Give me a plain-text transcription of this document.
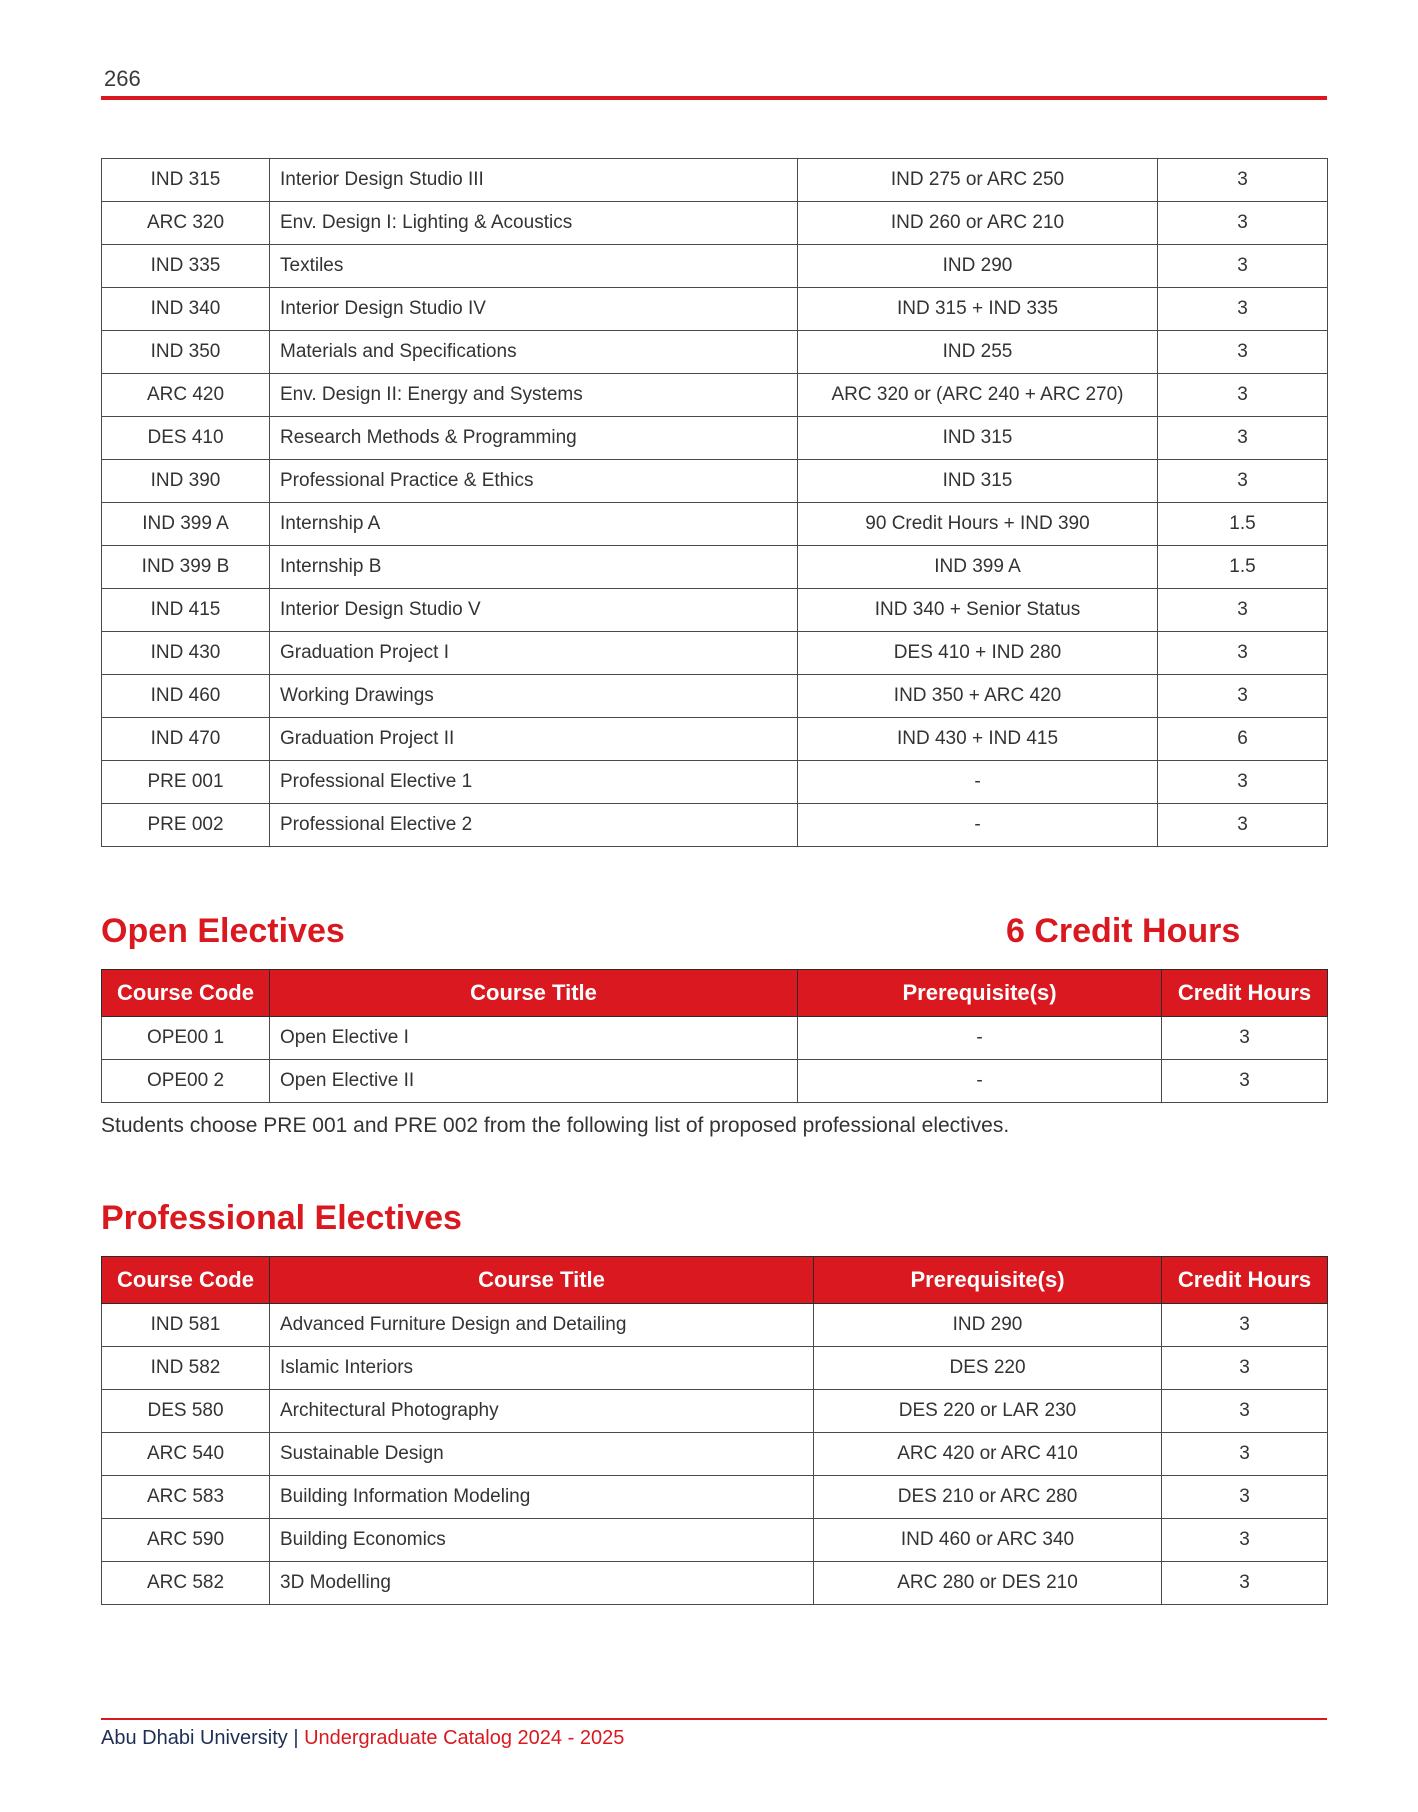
266
IND 315	Interior Design Studio III	IND 275 or ARC 250	3
ARC 320	Env. Design I: Lighting & Acoustics	IND 260 or ARC 210	3
IND 335	Textiles	IND 290	3
IND 340	Interior Design Studio IV	IND 315 + IND 335	3
IND 350	Materials and Specifications	IND 255	3
ARC 420	Env. Design II: Energy and Systems	ARC 320 or (ARC 240 + ARC 270)	3
DES 410	Research Methods & Programming	IND 315	3
IND 390	Professional Practice & Ethics	IND 315	3
IND 399 A	Internship A	90 Credit Hours + IND 390	1.5
IND 399 B	Internship B	IND 399 A	1.5
IND 415	Interior Design Studio V	IND 340 + Senior Status	3
IND 430	Graduation Project I	DES 410 + IND 280	3
IND 460	Working Drawings	IND 350 + ARC 420	3
IND 470	Graduation Project II	IND 430 + IND 415	6
PRE 001	Professional Elective 1	-	3
PRE 002	Professional Elective 2	-	3
Open Electives	6 Credit Hours
Course Code	Course Title	Prerequisite(s)	Credit Hours
OPE00 1	Open Elective I	-	3
OPE00 2	Open Elective II	-	3
Students choose PRE 001 and PRE 002 from the following list of proposed professional electives.
Professional Electives
Course Code	Course Title	Prerequisite(s)	Credit Hours
IND 581	Advanced Furniture Design and Detailing	IND 290	3
IND 582	Islamic Interiors	DES 220	3
DES 580	Architectural Photography	DES 220 or LAR 230	3
ARC 540	Sustainable Design	ARC 420 or ARC 410	3
ARC 583	Building Information Modeling	DES 210 or ARC 280	3
ARC 590	Building Economics	IND 460 or ARC 340	3
ARC 582	3D Modelling	ARC 280 or DES 210	3
Abu Dhabi University | Undergraduate Catalog 2024 - 2025
